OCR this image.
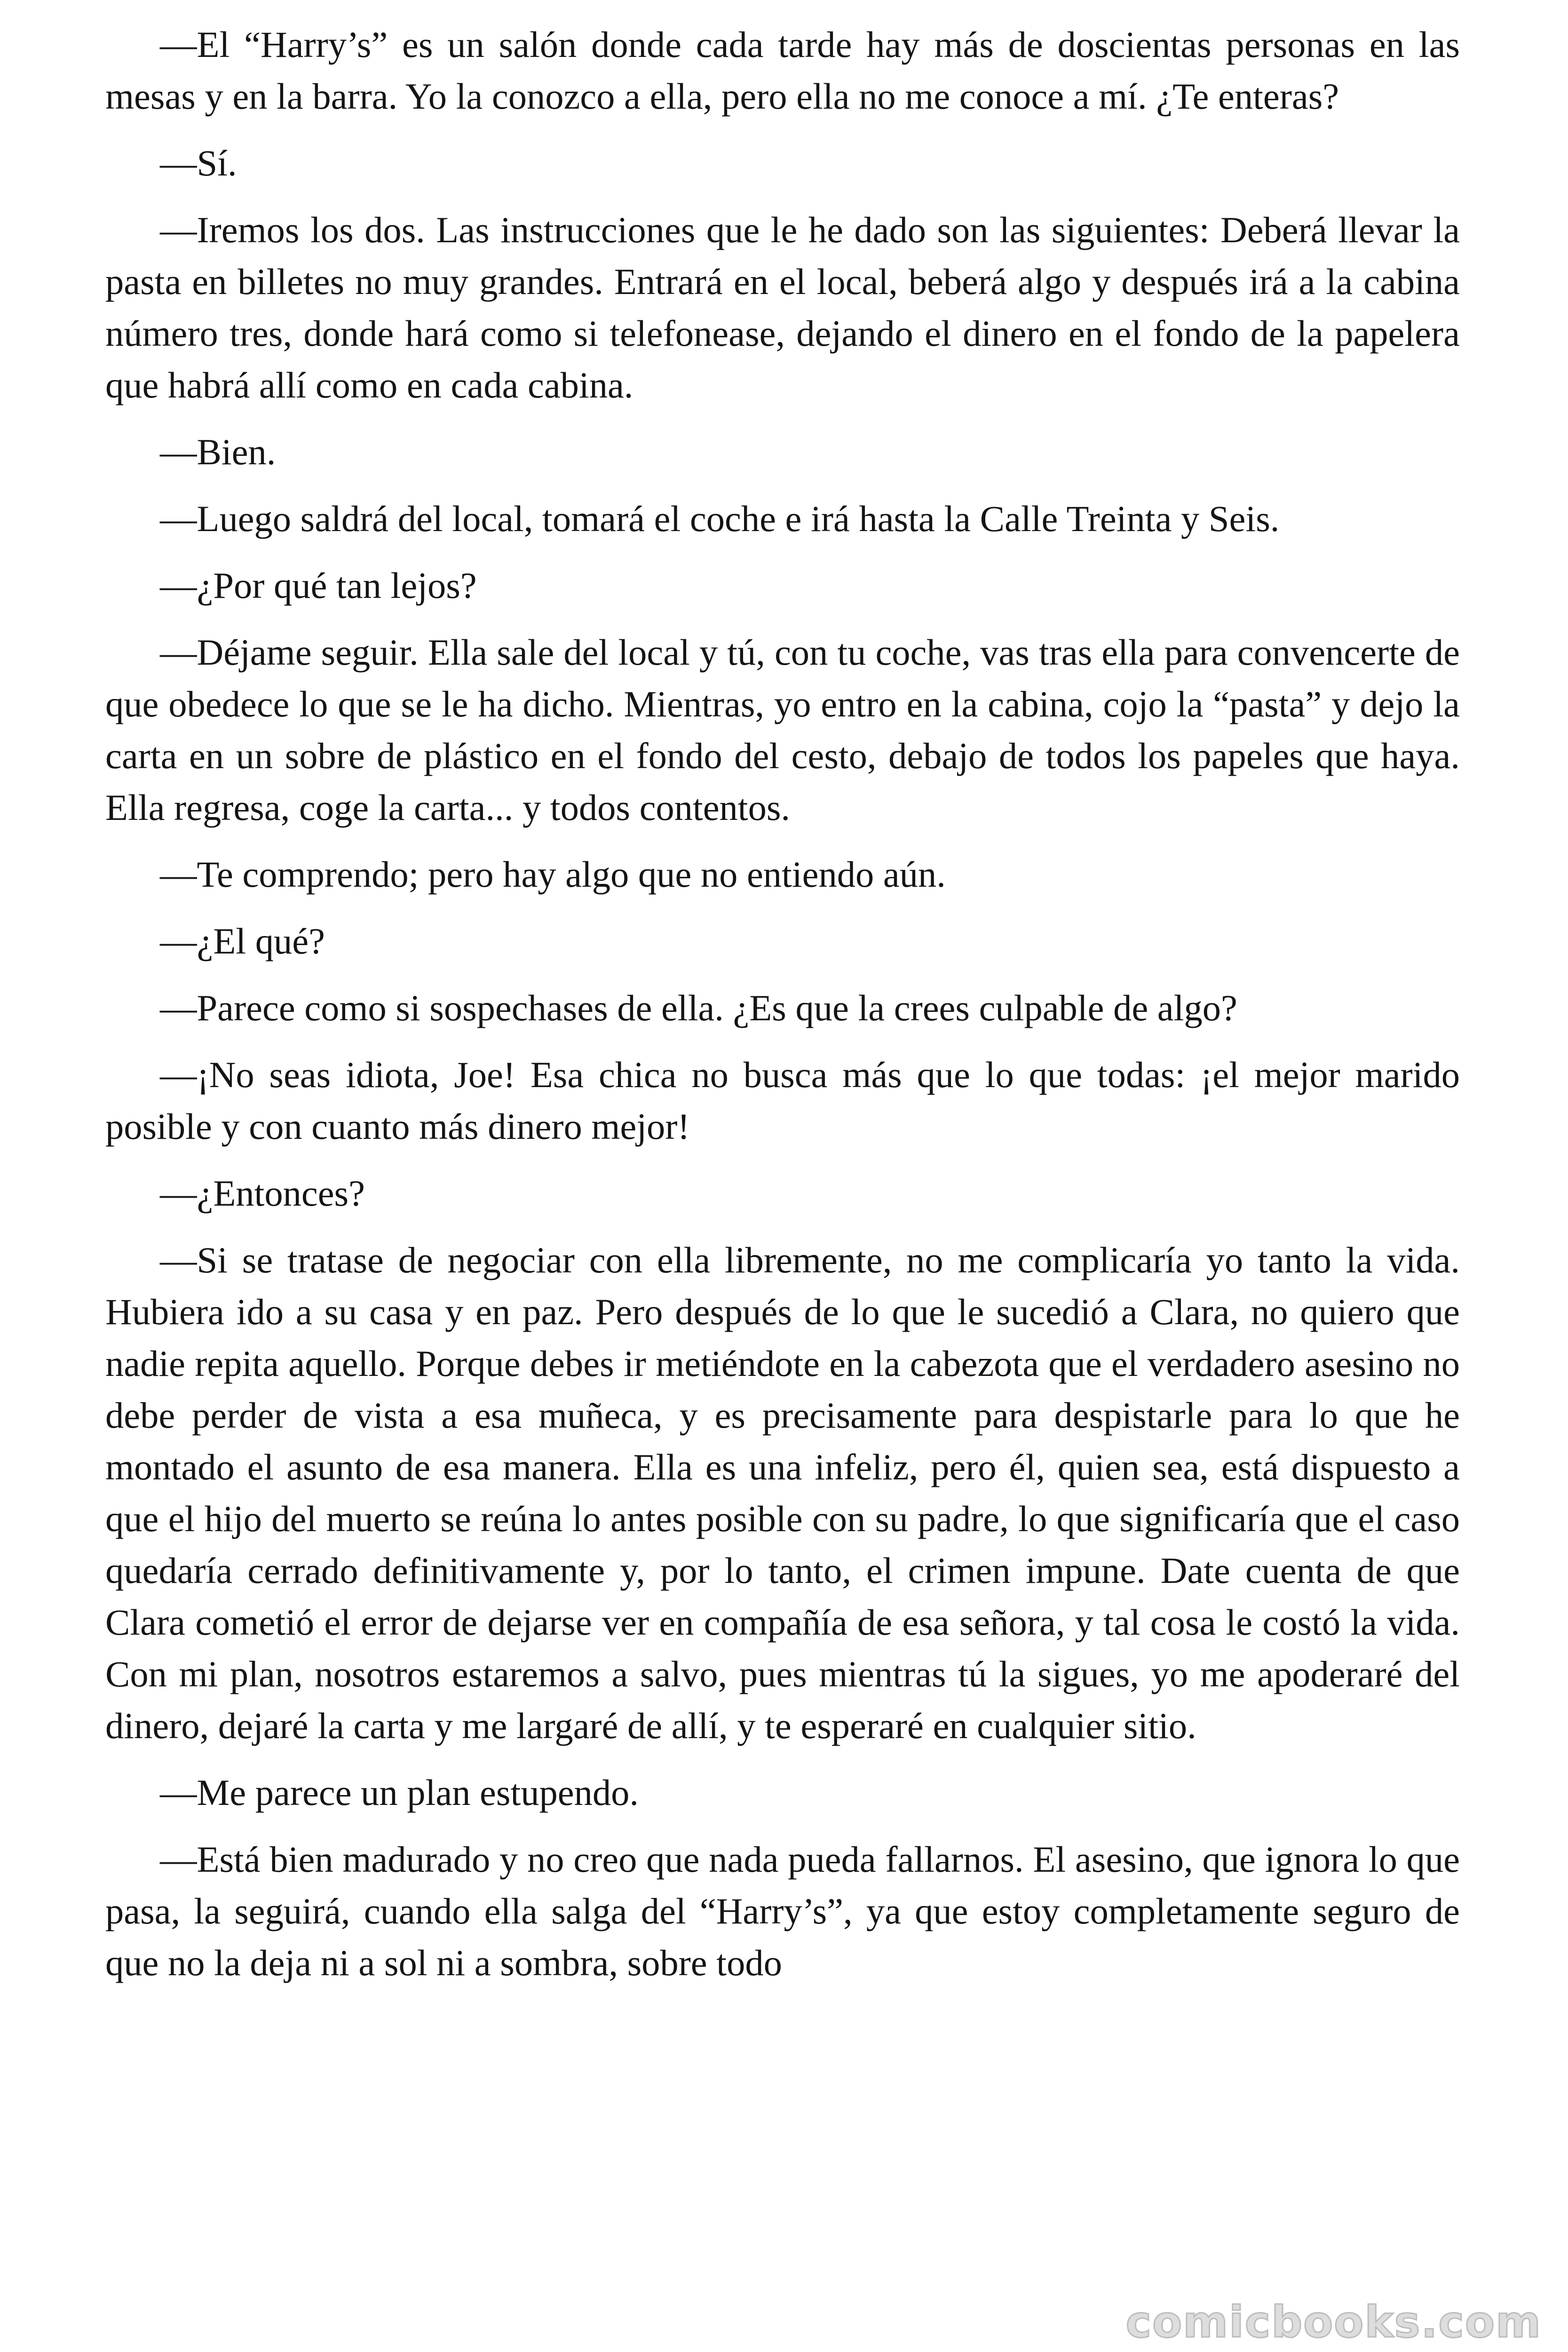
—El “Harry’s” es un salón donde cada tarde hay más de doscientas personas en las mesas y en la barra. Yo la conozco a ella, pero ella no me conoce a mí. ¿Te enteras?

—Sí.

—Iremos los dos. Las instrucciones que le he dado son las siguientes: Deberá llevar la pasta en billetes no muy grandes. Entrará en el local, beberá algo y después irá a la cabina número tres, donde hará como si telefonease, dejando el dinero en el fondo de la papelera que habrá allí como en cada cabina.

—Bien.

—Luego saldrá del local, tomará el coche e irá hasta la Calle Treinta y Seis.

—¿Por qué tan lejos?

—Déjame seguir. Ella sale del local y tú, con tu coche, vas tras ella para convencerte de que obedece lo que se le ha dicho. Mientras, yo entro en la cabina, cojo la “pasta” y dejo la carta en un sobre de plástico en el fondo del cesto, debajo de todos los papeles que haya. Ella regresa, coge la carta... y todos contentos.

—Te comprendo; pero hay algo que no entiendo aún.

—¿El qué?

—Parece como si sospechases de ella. ¿Es que la crees culpable de algo?

—¡No seas idiota, Joe! Esa chica no busca más que lo que todas: ¡el mejor marido posible y con cuanto más dinero mejor!

—¿Entonces?

—Si se tratase de negociar con ella libremente, no me complicaría yo tanto la vida. Hubiera ido a su casa y en paz. Pero después de lo que le sucedió a Clara, no quiero que nadie repita aquello. Porque debes ir metiéndote en la cabezota que el verdadero asesino no debe perder de vista a esa muñeca, y es precisamente para despistarle para lo que he montado el asunto de esa manera. Ella es una infeliz, pero él, quien sea, está dispuesto a que el hijo del muerto se reúna lo antes posible con su padre, lo que significaría que el caso quedaría cerrado definitivamente y, por lo tanto, el crimen impune. Date cuenta de que Clara cometió el error de dejarse ver en compañía de esa señora, y tal cosa le costó la vida. Con mi plan, nosotros estaremos a salvo, pues mientras tú la sigues, yo me apoderaré del dinero, dejaré la carta y me largaré de allí, y te esperaré en cualquier sitio.

—Me parece un plan estupendo.

—Está bien madurado y no creo que nada pueda fallarnos. El asesino, que ignora lo que pasa, la seguirá, cuando ella salga del “Harry’s”, ya que estoy completamente seguro de que no la deja ni a sol ni a sombra, sobre todo

comicbooks.com
